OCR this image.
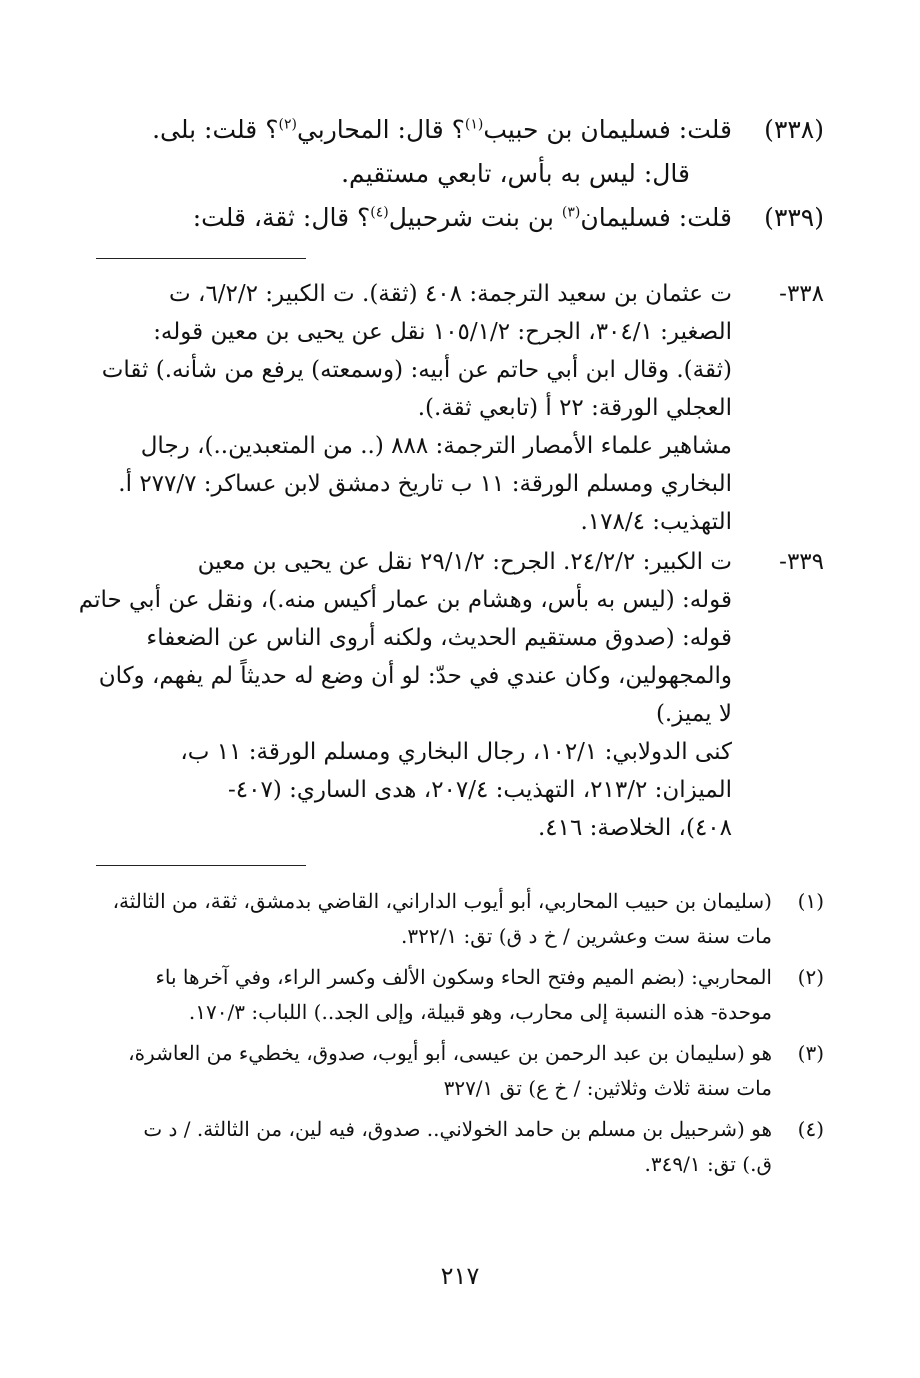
(٣٣٨)
قلت: فسليمان بن حبيب$^{(١)}$؟ قال: المحاربي$^{(٢)}$؟ قلت: بلى.
قال: ليس به بأس، تابعي مستقيم.
(٣٣٩)
قلت: فسليمان$^{(٣)}$ بن بنت شرحبيل$^{(٤)}$؟ قال: ثقة، قلت:
٣٣٨-
ت عثمان بن سعيد الترجمة: ٤٠٨ (ثقة). ت الكبير: ٦/٢/٢، ت
الصغير: ٣٠٤/١، الجرح: ١٠٥/١/٢ نقل عن يحيى بن معين قوله:
(ثقة). وقال ابن أبي حاتم عن أبيه: (وسمعته) يرفع من شأنه.) ثقات
العجلي الورقة: ٢٢ أ (تابعي ثقة.).
مشاهير علماء الأمصار الترجمة: ٨٨٨ (.. من المتعبدين..)، رجال
البخاري ومسلم الورقة: ١١ ب تاريخ دمشق لابن عساكر: ٢٧٧/٧ أ.
التهذيب: ١٧٨/٤.
٣٣٩-
ت الكبير: ٢٤/٢/٢. الجرح: ٢٩/١/٢ نقل عن يحيى بن معين
قوله: (ليس به بأس، وهشام بن عمار أكيس منه.)، ونقل عن أبي حاتم
قوله: (صدوق مستقيم الحديث، ولكنه أروى الناس عن الضعفاء
والمجهولين، وكان عندي في حدّ: لو أن وضع له حديثاً لم يفهم، وكان
لا يميز.)
كنى الدولابي: ١٠٢/١، رجال البخاري ومسلم الورقة: ١١ ب،
الميزان: ٢١٣/٢، التهذيب: ٢٠٧/٤، هدى الساري: (٤٠٧-
٤٠٨)، الخلاصة: ٤١٦.
(١)
(سليمان بن حبيب المحاربي، أبو أيوب الداراني، القاضي بدمشق، ثقة، من الثالثة،
مات سنة ست وعشرين / خ د ق) تق: ٣٢٢/١.
(٢)
المحاربي: (بضم الميم وفتح الحاء وسكون الألف وكسر الراء، وفي آخرها باء
موحدة- هذه النسبة إلى محارب، وهو قبيلة، وإلى الجد..) اللباب: ١٧٠/٣.
(٣)
هو (سليمان بن عبد الرحمن بن عيسى، أبو أيوب، صدوق، يخطيء من العاشرة،
مات سنة ثلاث وثلاثين: / خ ع) تق ٣٢٧/١
(٤)
هو (شرحبيل بن مسلم بن حامد الخولاني.. صدوق، فيه لين، من الثالثة. / د ت
ق.) تق: ٣٤٩/١.
٢١٧
